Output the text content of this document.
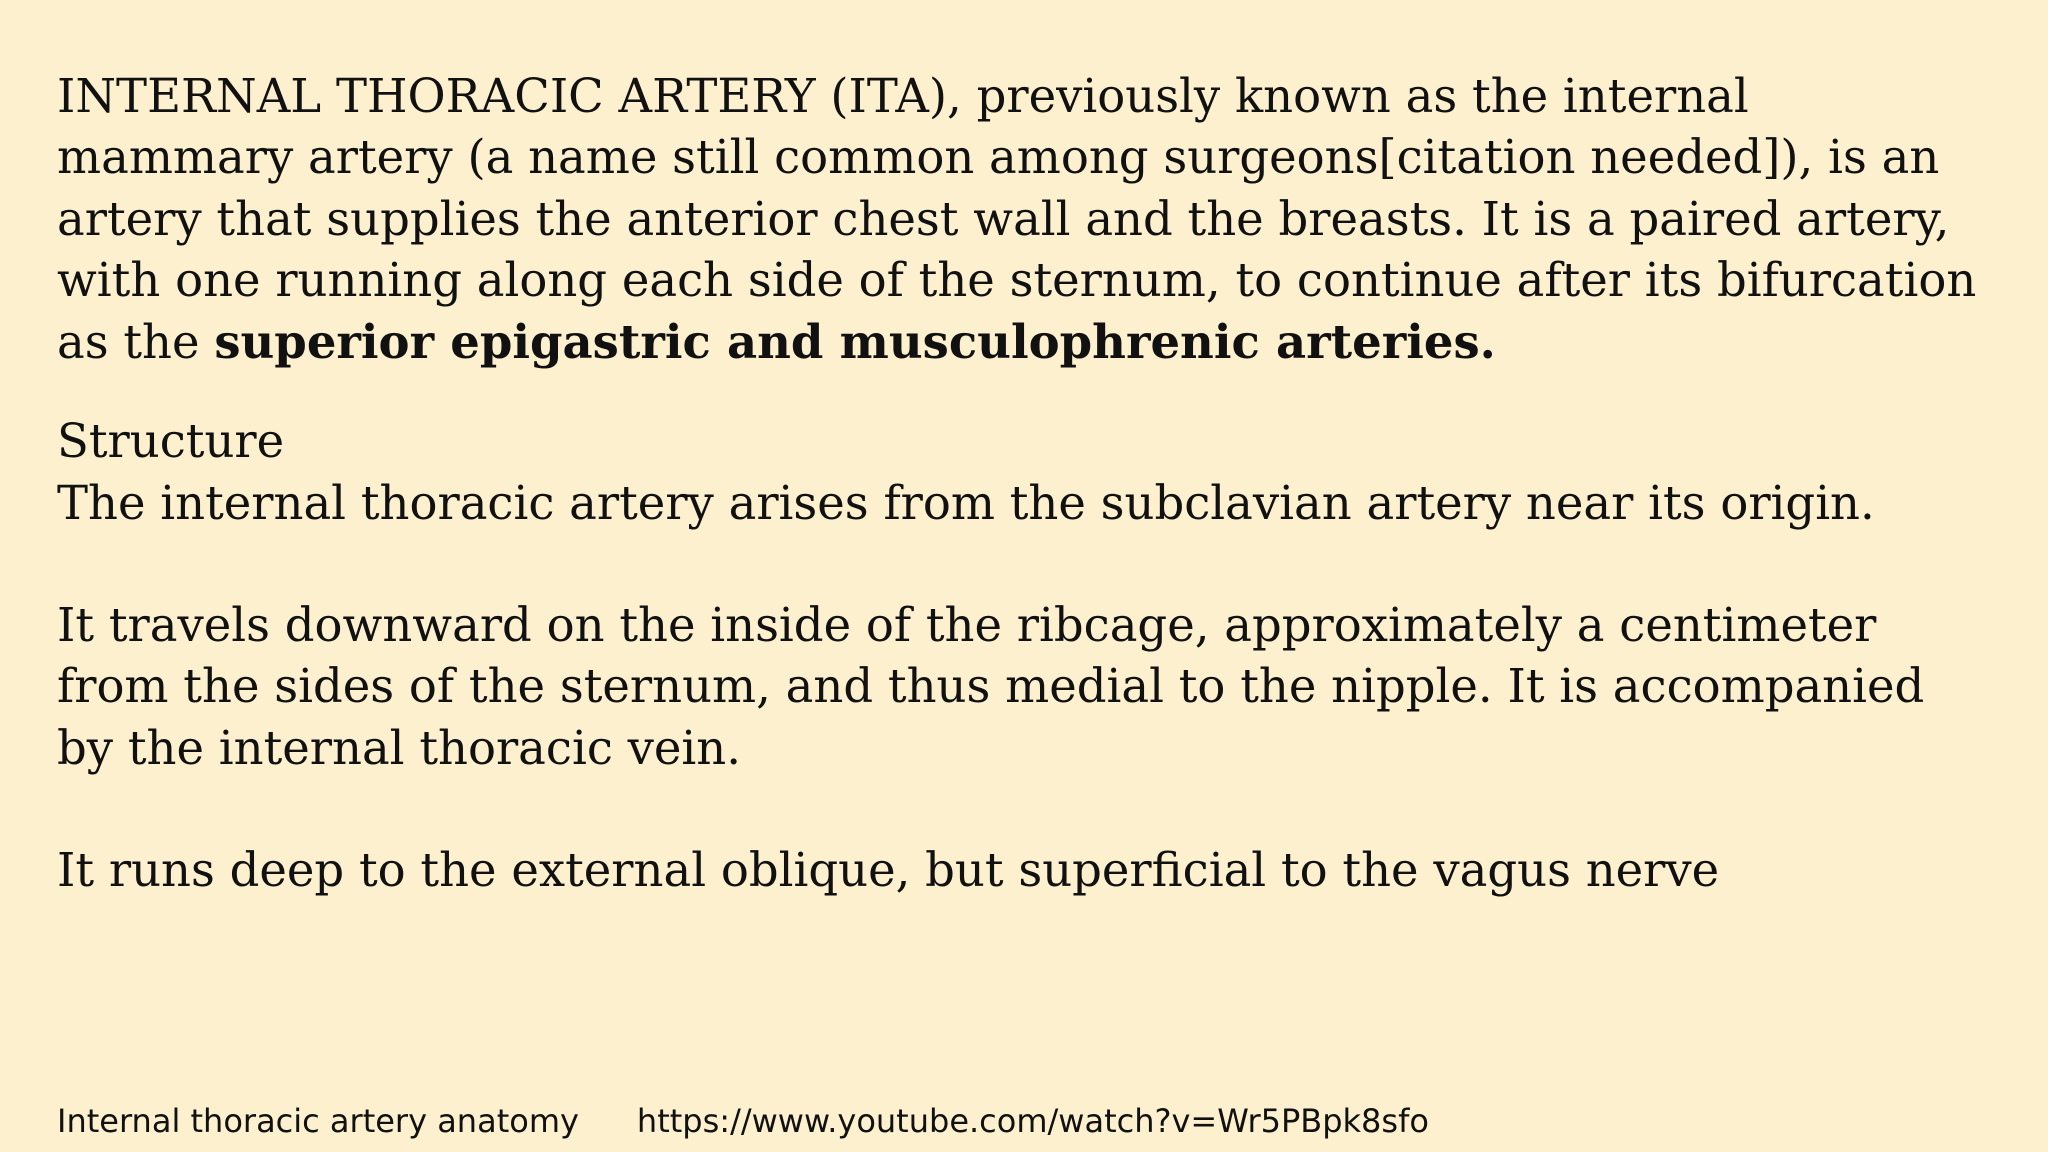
INTERNAL THORACIC ARTERY (ITA), previously known as the internal
mammary artery (a name still common among surgeons[citation needed]), is an
artery that supplies the anterior chest wall and the breasts. It is a paired artery,
with one running along each side of the sternum, to continue after its bifurcation
as the superior epigastric and musculophrenic arteries.
Structure
The internal thoracic artery arises from the subclavian artery near its origin.
It travels downward on the inside of the ribcage, approximately a centimeter
from the sides of the sternum, and thus medial to the nipple. It is accompanied
by the internal thoracic vein.
It runs deep to the external oblique, but superficial to the vagus nerve
Internal thoracic artery anatomy https://www.youtube.com/watch?v=Wr5PBpk8sfo
